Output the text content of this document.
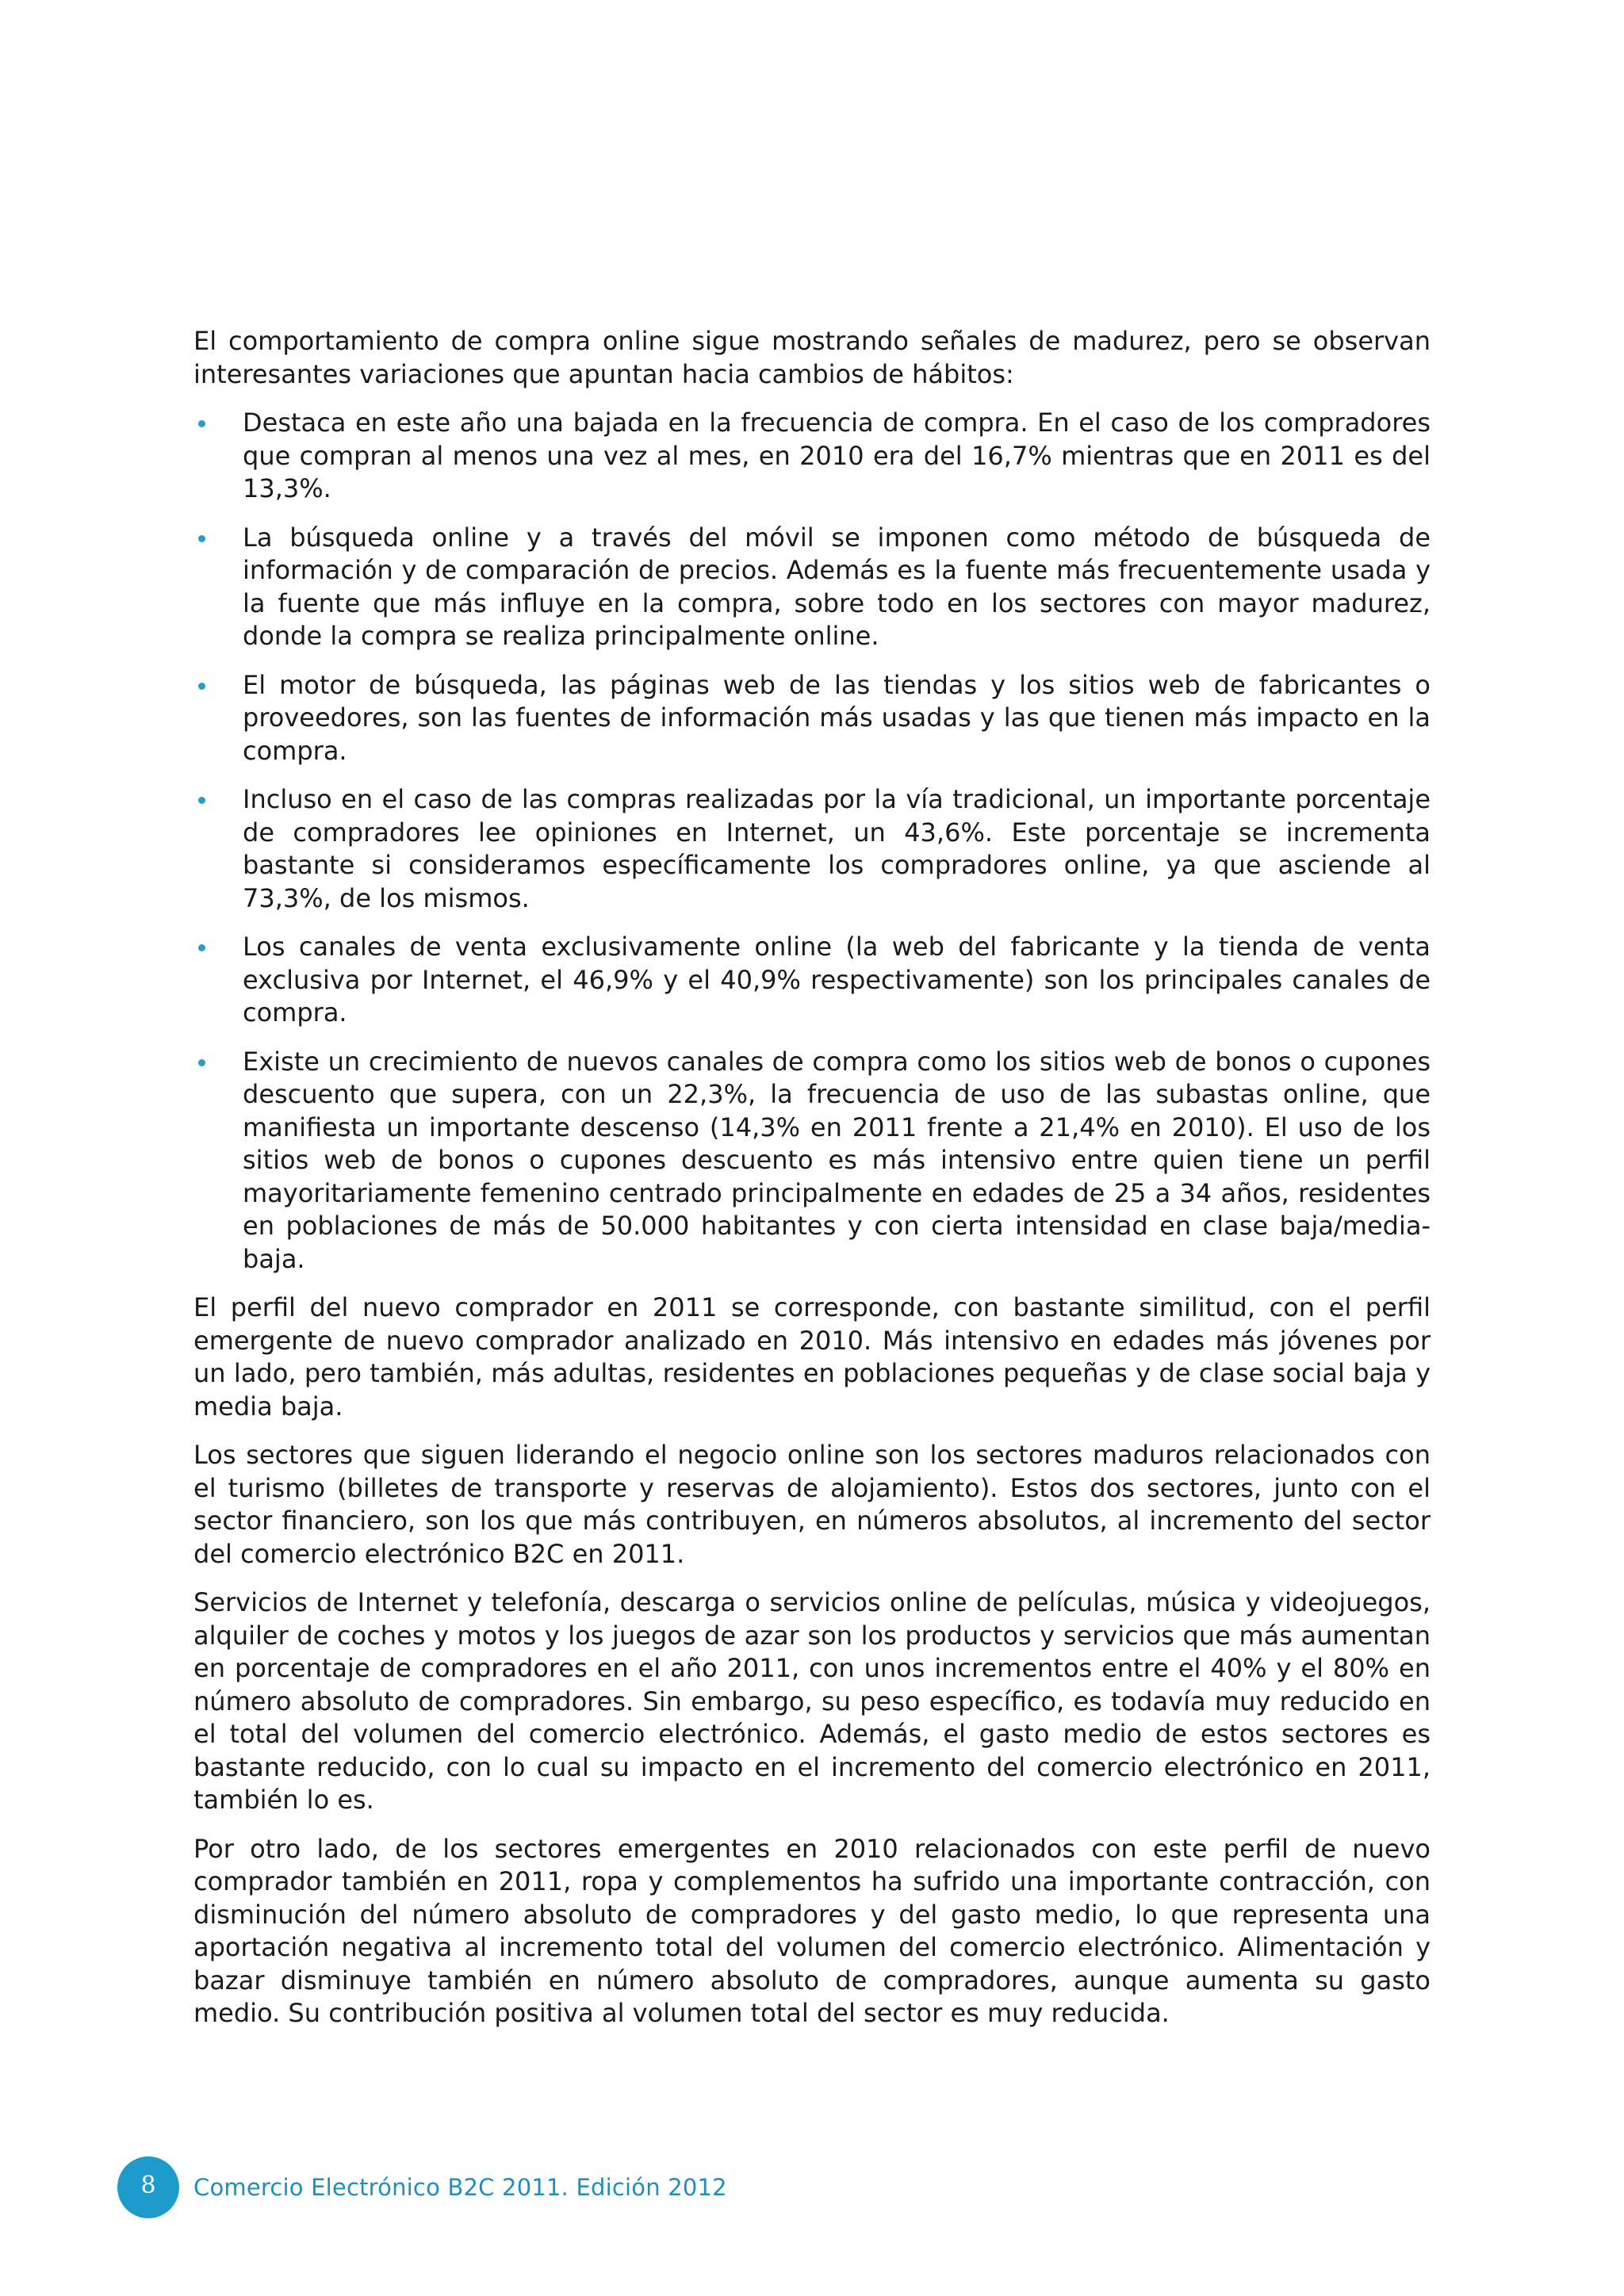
El comportamiento de compra online sigue mostrando señales de madurez, pero se observan interesantes variaciones que apuntan hacia cambios de hábitos:

Destaca en este año una bajada en la frecuencia de compra. En el caso de los compradores que compran al menos una vez al mes, en 2010 era del 16,7% mientras que en 2011 es del 13,3%.
La búsqueda online y a través del móvil se imponen como método de búsqueda de información y de comparación de precios. Además es la fuente más frecuentemente usada y la fuente que más influye en la compra, sobre todo en los sectores con mayor madurez, donde la compra se realiza principalmente online.
El motor de búsqueda, las páginas web de las tiendas y los sitios web de fabricantes o proveedores, son las fuentes de información más usadas y las que tienen más impacto en la compra.
Incluso en el caso de las compras realizadas por la vía tradicional, un importante porcentaje de compradores lee opiniones en Internet, un 43,6%. Este porcentaje se incrementa bastante si consideramos específicamente los compradores online, ya que asciende al 73,3%, de los mismos.
Los canales de venta exclusivamente online (la web del fabricante y la tienda de venta exclusiva por Internet, el 46,9% y el 40,9% respectivamente) son los principales canales de compra.
Existe un crecimiento de nuevos canales de compra como los sitios web de bonos o cupones descuento que supera, con un 22,3%, la frecuencia de uso de las subastas online, que manifiesta un importante descenso (14,3% en 2011 frente a 21,4% en 2010). El uso de los sitios web de bonos o cupones descuento es más intensivo entre quien tiene un perfil mayoritariamente femenino centrado principalmente en edades de 25 a 34 años, residentes en poblaciones de más de 50.000 habitantes y con cierta intensidad en clase baja/media-baja.

El perfil del nuevo comprador en 2011 se corresponde, con bastante similitud, con el perfil emergente de nuevo comprador analizado en 2010. Más intensivo en edades más jóvenes por un lado, pero también, más adultas, residentes en poblaciones pequeñas y de clase social baja y media baja.

Los sectores que siguen liderando el negocio online son los sectores maduros relacionados con el turismo (billetes de transporte y reservas de alojamiento). Estos dos sectores, junto con el sector financiero, son los que más contribuyen, en números absolutos, al incremento del sector del comercio electrónico B2C en 2011.

Servicios de Internet y telefonía, descarga o servicios online de películas, música y videojuegos, alquiler de coches y motos y los juegos de azar son los productos y servicios que más aumentan en porcentaje de compradores en el año 2011, con unos incrementos entre el 40% y el 80% en número absoluto de compradores. Sin embargo, su peso específico, es todavía muy reducido en el total del volumen del comercio electrónico. Además, el gasto medio de estos sectores es bastante reducido, con lo cual su impacto en el incremento del comercio electrónico en 2011, también lo es.

Por otro lado, de los sectores emergentes en 2010 relacionados con este perfil de nuevo comprador también en 2011, ropa y complementos ha sufrido una importante contracción, con disminución del número absoluto de compradores y del gasto medio, lo que representa una aportación negativa al incremento total del volumen del comercio electrónico. Alimentación y bazar disminuye también en número absoluto de compradores, aunque aumenta su gasto medio. Su contribución positiva al volumen total del sector es muy reducida.

8	Comercio Electrónico B2C 2011. Edición 2012
